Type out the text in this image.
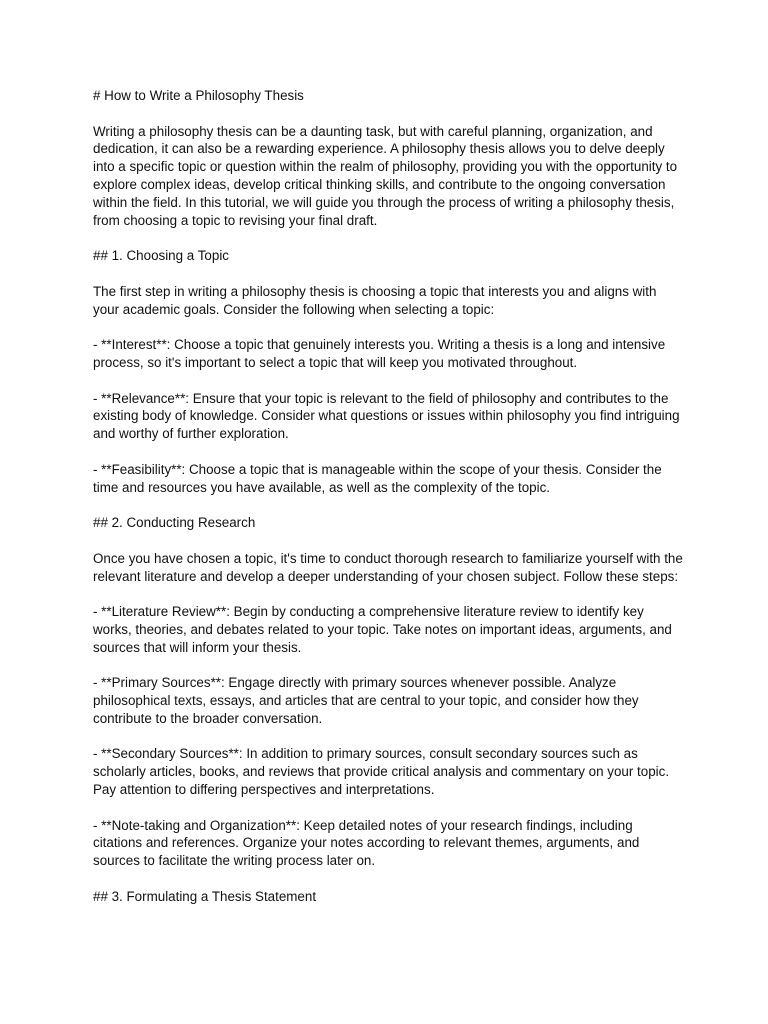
# How to Write a Philosophy Thesis

Writing a philosophy thesis can be a daunting task, but with careful planning, organization, and dedication, it can also be a rewarding experience. A philosophy thesis allows you to delve deeply into a specific topic or question within the realm of philosophy, providing you with the opportunity to explore complex ideas, develop critical thinking skills, and contribute to the ongoing conversation within the field. In this tutorial, we will guide you through the process of writing a philosophy thesis, from choosing a topic to revising your final draft.

## 1. Choosing a Topic

The first step in writing a philosophy thesis is choosing a topic that interests you and aligns with your academic goals. Consider the following when selecting a topic:

- **Interest**: Choose a topic that genuinely interests you. Writing a thesis is a long and intensive process, so it's important to select a topic that will keep you motivated throughout.

- **Relevance**: Ensure that your topic is relevant to the field of philosophy and contributes to the existing body of knowledge. Consider what questions or issues within philosophy you find intriguing and worthy of further exploration.

- **Feasibility**: Choose a topic that is manageable within the scope of your thesis. Consider the time and resources you have available, as well as the complexity of the topic.

## 2. Conducting Research

Once you have chosen a topic, it's time to conduct thorough research to familiarize yourself with the relevant literature and develop a deeper understanding of your chosen subject. Follow these steps:

- **Literature Review**: Begin by conducting a comprehensive literature review to identify key works, theories, and debates related to your topic. Take notes on important ideas, arguments, and sources that will inform your thesis.

- **Primary Sources**: Engage directly with primary sources whenever possible. Analyze philosophical texts, essays, and articles that are central to your topic, and consider how they contribute to the broader conversation.

- **Secondary Sources**: In addition to primary sources, consult secondary sources such as scholarly articles, books, and reviews that provide critical analysis and commentary on your topic. Pay attention to differing perspectives and interpretations.

- **Note-taking and Organization**: Keep detailed notes of your research findings, including citations and references. Organize your notes according to relevant themes, arguments, and sources to facilitate the writing process later on.

## 3. Formulating a Thesis Statement
